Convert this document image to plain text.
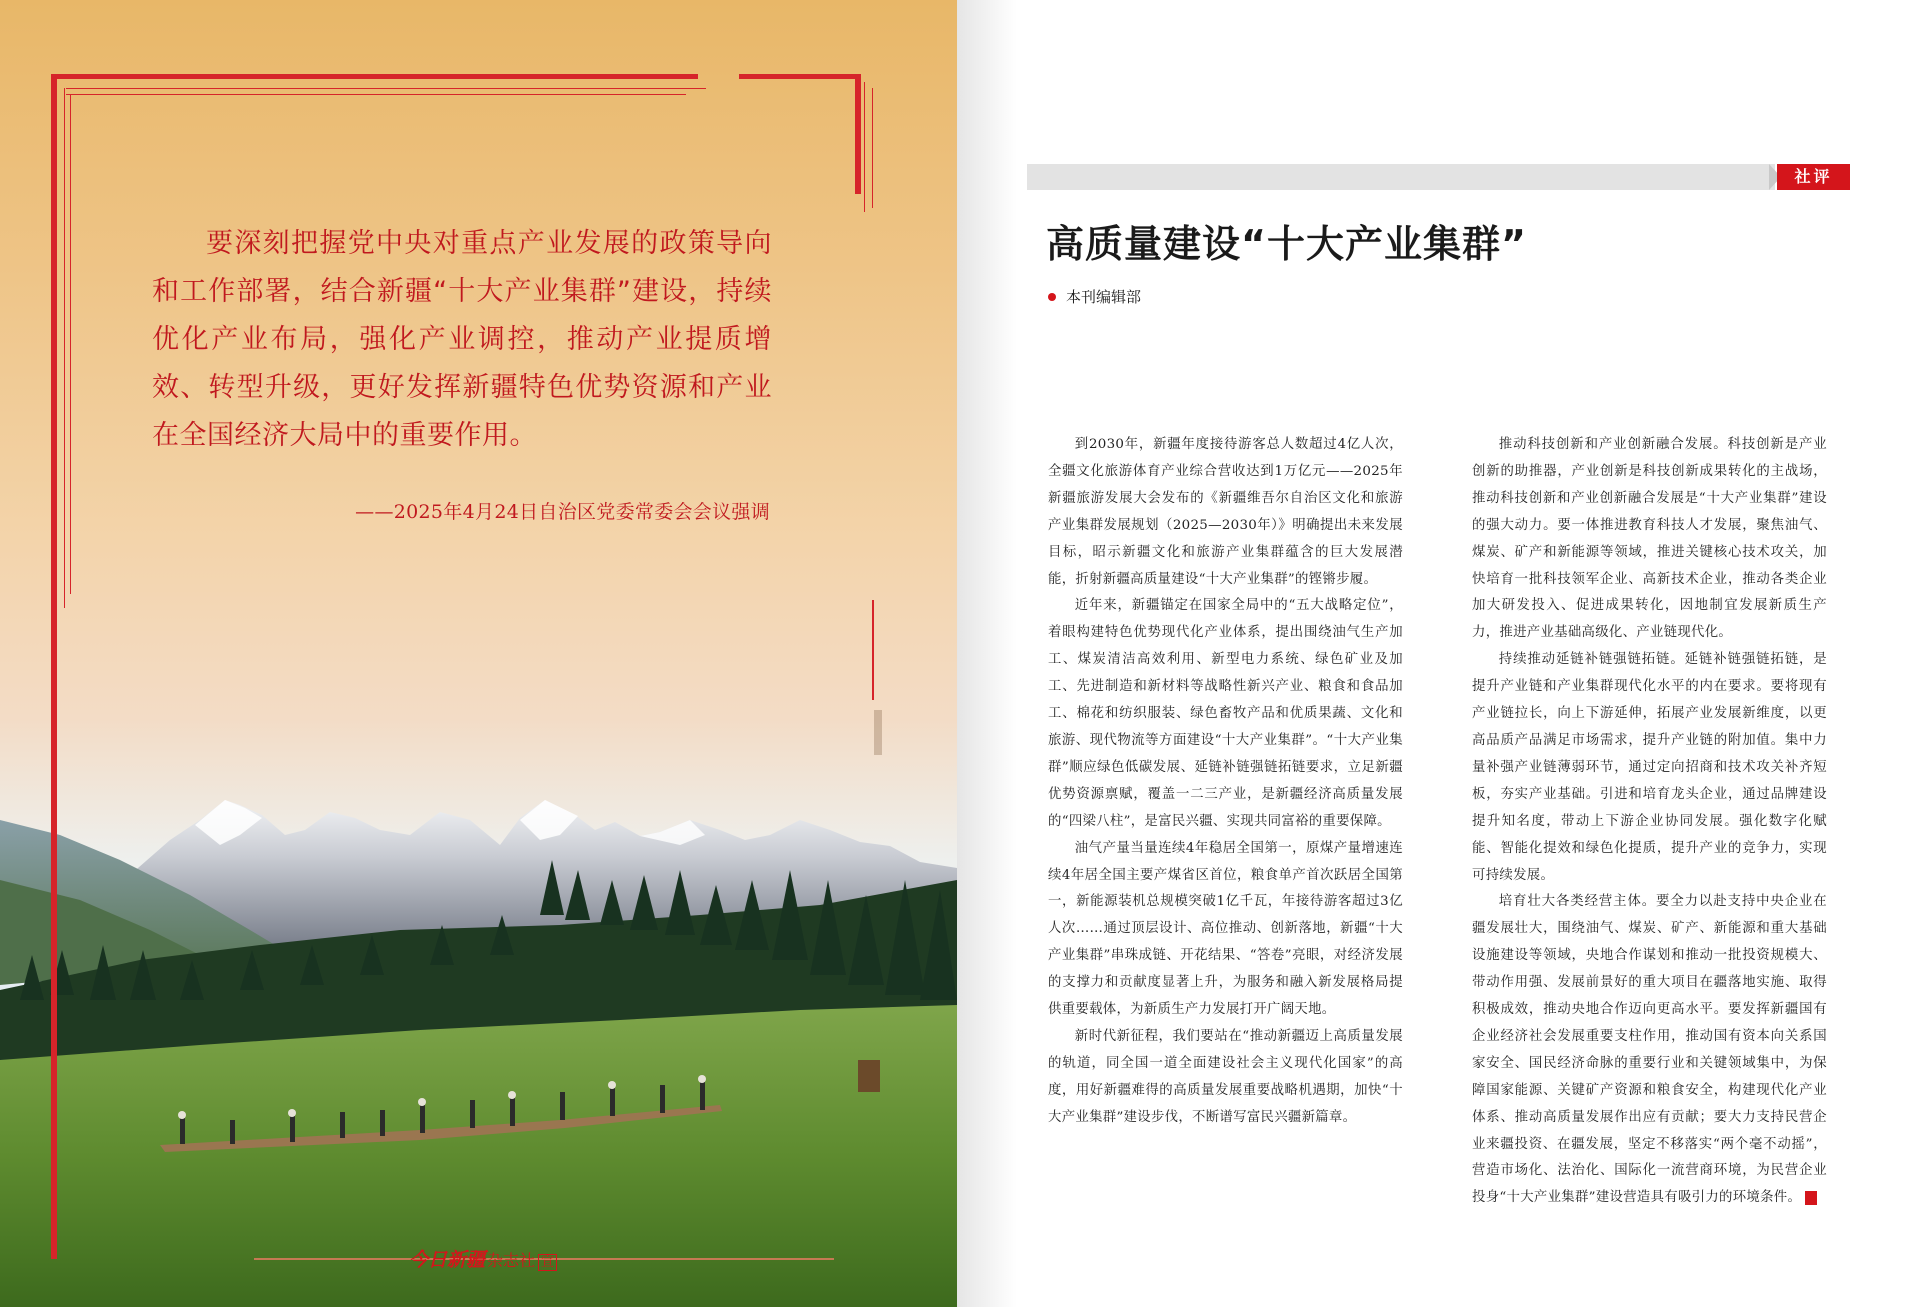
要深刻把握党中央对重点产业发展的政策导向和工作部署，结合新疆“十大产业集群”建设，持续优化产业布局，强化产业调控，推动产业提质增效、转型升级，更好发挥新疆特色优势资源和产业在全国经济大局中的重要作用。

——2025年4月24日自治区党委常委会会议强调
今日新疆 杂志社 宣
社评
高质量建设“十大产业集群”
本刊编辑部

到2030年，新疆年度接待游客总人数超过4亿人次，全疆文化旅游体育产业综合营收达到1万亿元——2025年新疆旅游发展大会发布的《新疆维吾尔自治区文化和旅游产业集群发展规划（2025—2030年）》明确提出未来发展目标，昭示新疆文化和旅游产业集群蕴含的巨大发展潜能，折射新疆高质量建设“十大产业集群”的铿锵步履。

近年来，新疆锚定在国家全局中的“五大战略定位”，着眼构建特色优势现代化产业体系，提出围绕油气生产加工、煤炭清洁高效利用、新型电力系统、绿色矿业及加工、先进制造和新材料等战略性新兴产业、粮食和食品加工、棉花和纺织服装、绿色畜牧产品和优质果蔬、文化和旅游、现代物流等方面建设“十大产业集群”。“十大产业集群”顺应绿色低碳发展、延链补链强链拓链要求，立足新疆优势资源禀赋，覆盖一二三产业，是新疆经济高质量发展的“四梁八柱”，是富民兴疆、实现共同富裕的重要保障。

油气产量当量连续4年稳居全国第一，原煤产量增速连续4年居全国主要产煤省区首位，粮食单产首次跃居全国第一，新能源装机总规模突破1亿千瓦，年接待游客超过3亿人次……通过顶层设计、高位推动、创新落地，新疆“十大产业集群”串珠成链、开花结果、“答卷”亮眼，对经济发展的支撑力和贡献度显著上升，为服务和融入新发展格局提供重要载体，为新质生产力发展打开广阔天地。

新时代新征程，我们要站在“推动新疆迈上高质量发展的轨道，同全国一道全面建设社会主义现代化国家”的高度，用好新疆难得的高质量发展重要战略机遇期，加快“十大产业集群”建设步伐，不断谱写富民兴疆新篇章。

推动科技创新和产业创新融合发展。科技创新是产业创新的助推器，产业创新是科技创新成果转化的主战场，推动科技创新和产业创新融合发展是“十大产业集群”建设的强大动力。要一体推进教育科技人才发展，聚焦油气、煤炭、矿产和新能源等领域，推进关键核心技术攻关，加快培育一批科技领军企业、高新技术企业，推动各类企业加大研发投入、促进成果转化，因地制宜发展新质生产力，推进产业基础高级化、产业链现代化。

持续推动延链补链强链拓链。延链补链强链拓链，是提升产业链和产业集群现代化水平的内在要求。要将现有产业链拉长，向上下游延伸，拓展产业发展新维度，以更高品质产品满足市场需求，提升产业链的附加值。集中力量补强产业链薄弱环节，通过定向招商和技术攻关补齐短板，夯实产业基础。引进和培育龙头企业，通过品牌建设提升知名度，带动上下游企业协同发展。强化数字化赋能、智能化提效和绿色化提质，提升产业的竞争力，实现可持续发展。

培育壮大各类经营主体。要全力以赴支持中央企业在疆发展壮大，围绕油气、煤炭、矿产、新能源和重大基础设施建设等领域，央地合作谋划和推动一批投资规模大、带动作用强、发展前景好的重大项目在疆落地实施、取得积极成效，推动央地合作迈向更高水平。要发挥新疆国有企业经济社会发展重要支柱作用，推动国有资本向关系国家安全、国民经济命脉的重要行业和关键领域集中，为保障国家能源、关键矿产资源和粮食安全，构建现代化产业体系、推动高质量发展作出应有贡献；要大力支持民营企业来疆投资、在疆发展，坚定不移落实“两个毫不动摇”，营造市场化、法治化、国际化一流营商环境，为民营企业投身“十大产业集群”建设营造具有吸引力的环境条件。	J
